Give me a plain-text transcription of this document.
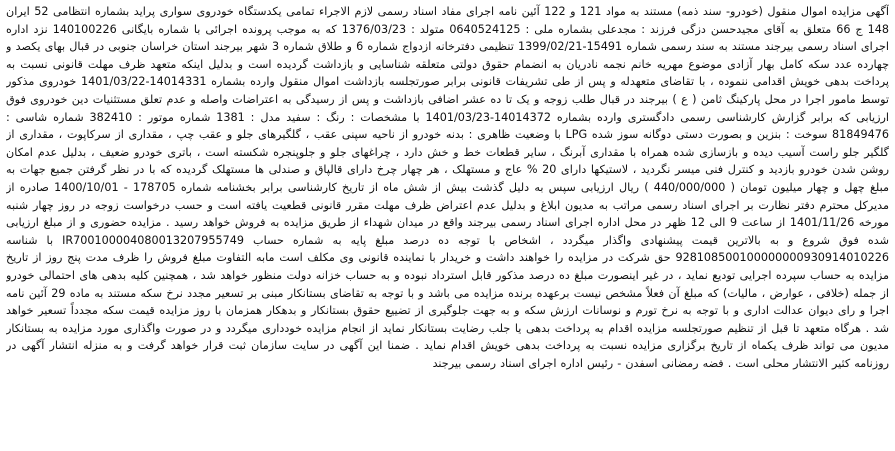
آگهی مزایده اموال منقول (خودرو- سند ذمه) مستند به مواد 121 و 122 آئین نامه اجرای مفاد اسناد رسمی لازم الاجراء تمامی یکدستگاه خودروی سواری پراید بشماره انتظامی 52 ایران 148 ج 66 متعلق به آقای مجیدحسن دزگی فرزند : مجدعلی بشماره ملی : 0640524125 متولد : 1376/03/23 که به موجب پرونده اجرائی با شماره بایگانی 140100226 نزد اداره اجرای اسناد رسمی بیرجند مستند به سند رسمی شماره 15491-1399/02/21 تنظیمی دفترخانه ازدواج شماره 6 و طلاق شماره 3 شهر بیرجند استان خراسان جنوبی در قبال بهای یکصد و چهارده عدد سکه کامل بهار آزادی موضوع مهریه خانم نجمه نادریان به انضمام حقوق دولتی متعلقه شناسایی و بازداشت گردیده است و بدلیل اینکه متعهد ظرف مهلت قانونی نسبت به پرداخت بدهی خویش اقدامی ننموده ، با تقاضای متعهدله و پس از طی تشریفات قانونی برابر صورتجلسه بازداشت اموال منقول وارده بشماره 14014331-1401/03/22 خودروی مذکور توسط مامور اجرا در محل پارکینگ ثامن ( ع ) بیرجند در قبال طلب زوجه و یک تا ده عشر اضافی بازداشت و پس از رسیدگی به اعتراضات واصله و عدم تعلق مستثنیات دین خودروی فوق ارزیابی که برابر گزارش کارشناسی رسمی دادگستری وارده بشماره 14014372-1401/03/23 با مشخصات : رنگ : سفید مدل : 1381 شماره موتور : 382410 شماره شاسی : 81849476 سوخت : بنزین و بصورت دستی دوگانه سوز شده LPG با وضعیت ظاهری : بدنه خودرو از ناحیه سپنی عقب ، گلگیرهای جلو و عقب چپ ، مقداری از سرکاپوت ، مقداری از گلگیر جلو راست آسیب دیده و بازسازی شده همراه با مقداری آبرنگ ، سایر قطعات خط و خش دارد ، چراغهای جلو و جلوپنجره شکسته است ، باتری خودرو ضعیف ، بدلیل عدم امکان روشن شدن خودرو بازدید و کنترل فنی میسر نگردید ، لاستیکها دارای 20 % عاج و مستهلک ، هر چهار چرخ دارای قالپاق و صندلی ها مستهلک گردیده که با در نظر گرفتن جمیع جهات به مبلغ چهل و چهار میلیون تومان ( 440/000/000 ) ریال ارزیابی سپس به دلیل گذشت بیش از شش ماه از تاریخ کارشناسی برابر بخشنامه شماره 178705 - 1400/10/01 صادره از مدیرکل محترم دفتر نظارت بر اجرای اسناد رسمی مراتب به مدیون ابلاغ و بدلیل عدم اعتراض ظرف مهلت مقرر قانونی قطعیت یافته است و حسب درخواست زوجه در روز چهار شنبه مورخه 1401/11/26 از ساعت 9 الی 12 ظهر در محل اداره اجرای اسناد رسمی بیرجند واقع در میدان شهداء از طریق مزایده به فروش خواهد رسید . مزایده حضوری و از مبلغ ارزیابی شده فوق شروع و به بالاترین قیمت پیشنهادی واگذار میگردد ، اشخاص با توجه ده درصد مبلغ پایه به شماره حساب IR700100004080013207955749 با شناسه 928108500100000000930914010226 حق شرکت در مزایده را خواهند داشت و خریدار با نماینده قانونی وی مکلف است مابه التفاوت مبلغ فروش را ظرف مدت پنج روز از تاریخ مزایده به حساب سپرده اجرایی تودیع نماید ، در غیر اینصورت مبلغ ده درصد مذکور قابل استرداد نبوده و به حساب خزانه دولت منظور خواهد شد ، همچنین کلیه بدهی های احتمالی خودرو از جمله (خلافی ، عوارض ، مالیات) که مبلغ آن فعلاً مشخص نیست برعهده برنده مزایده می باشد و با توجه به تقاضای بستانکار مبنی بر تسعیر مجدد نرخ سکه مستند به ماده 29 آئین نامه اجرا و رای دیوان عدالت اداری و با توجه به نرخ تورم و نوسانات ارزش سکه و به جهت جلوگیری از تضییع حقوق بستانکار و بدهکار همزمان با روز مزایده قیمت سکه مجدداً تسعیر خواهد شد . هرگاه متعهد تا قبل از تنظیم صورتجلسه مزایده اقدام به پرداخت بدهی یا جلب رضایت بستانکار نماید از انجام مزایده خودداری میگردد و در صورت واگذاری مورد مزایده به بستانکار مدیون می تواند ظرف یکماه از تاریخ برگزاری مزایده نسبت به پرداخت بدهی خویش اقدام نماید . ضمنا این آگهی در سایت سازمان ثبت قرار خواهد گرفت و به منزله انتشار آگهی در روزنامه کثیر الانتشار محلی است . فضه رمضانی اسفدن - رئیس اداره اجرای اسناد رسمی بیرجند
